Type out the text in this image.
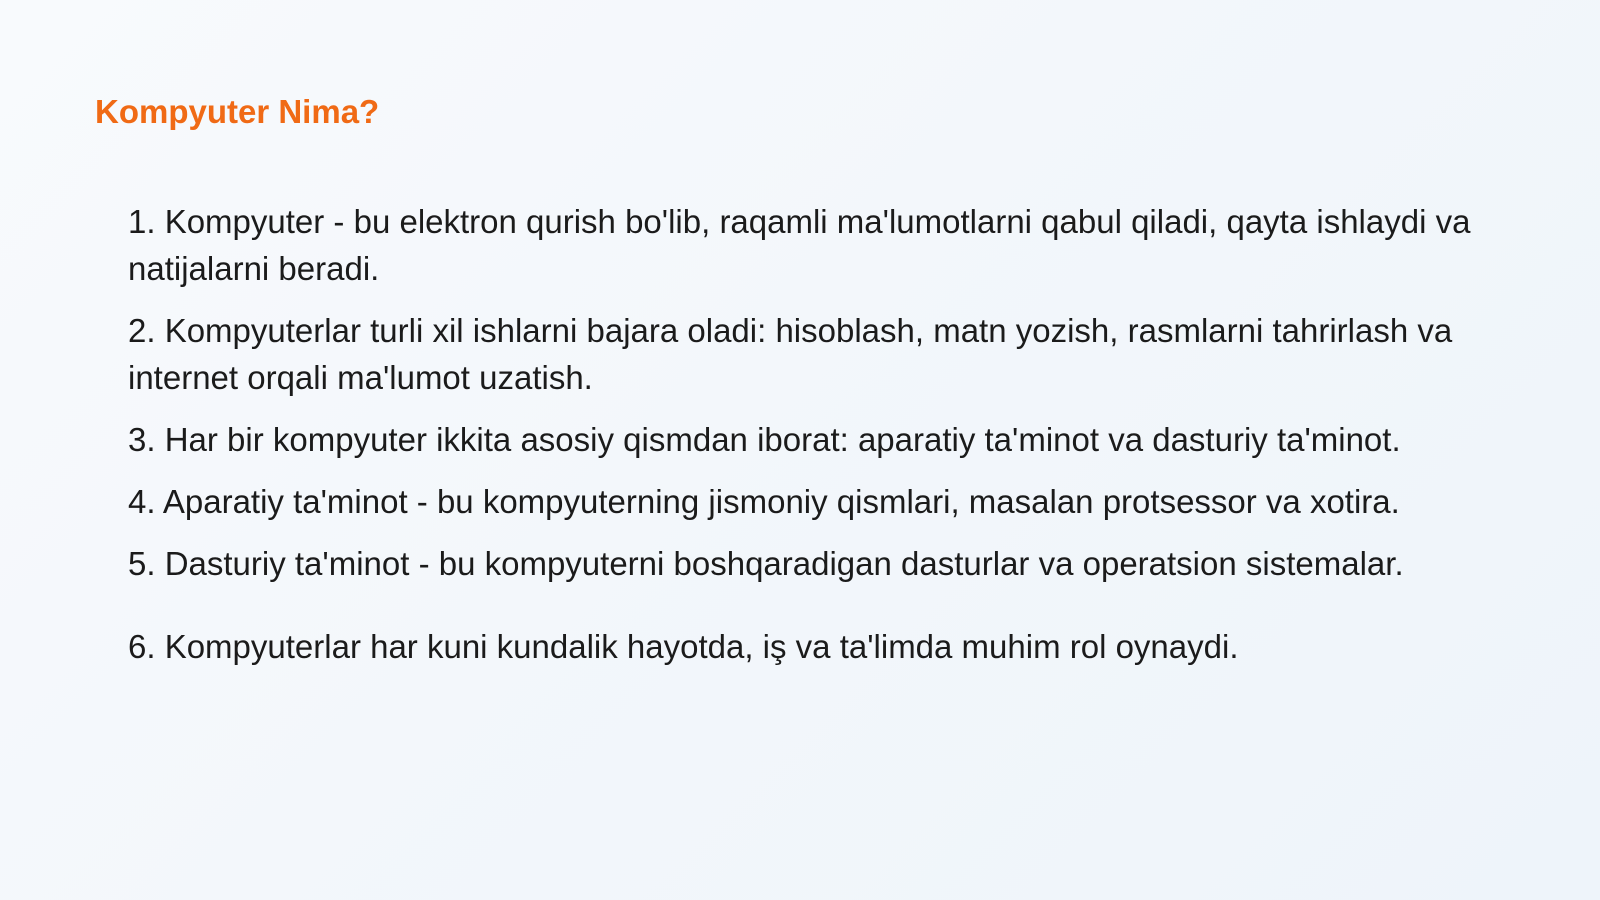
Kompyuter Nima?

1. Kompyuter - bu elektron qurish bo'lib, raqamli ma'lumotlarni qabul qiladi, qayta ishlaydi va natijalarni beradi.

2. Kompyuterlar turli xil ishlarni bajara oladi: hisoblash, matn yozish, rasmlarni tahrirlash va internet orqali ma'lumot uzatish.

3. Har bir kompyuter ikkita asosiy qismdan iborat: aparatiy ta'minot va dasturiy ta'minot.

4. Aparatiy ta'minot - bu kompyuterning jismoniy qismlari, masalan protsessor va xotira.

5. Dasturiy ta'minot - bu kompyuterni boshqaradigan dasturlar va operatsion sistemalar.

6. Kompyuterlar har kuni kundalik hayotda, iş va ta'limda muhim rol oynaydi.
